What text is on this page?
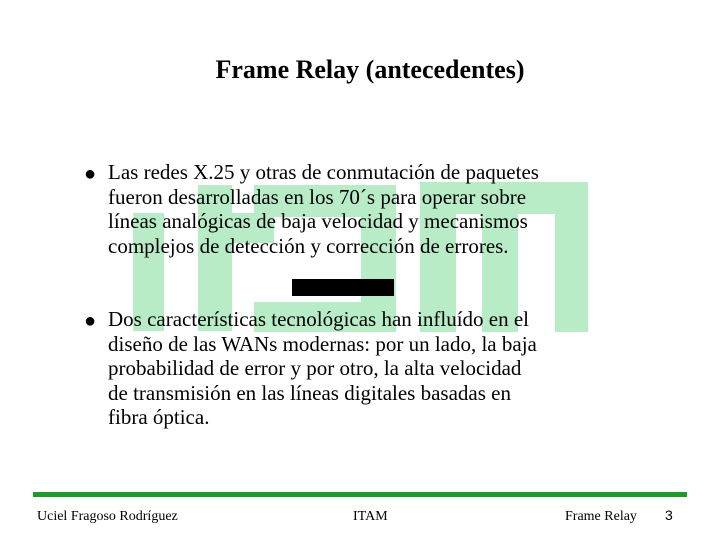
Frame Relay (antecedentes)
● Las redes X.25 y otras de conmutación de paquetes
fueron desarrolladas en los 70´s para operar sobre
líneas analógicas de baja velocidad y mecanismos
complejos de detección y corrección de errores.
● Dos características tecnológicas han influído en el
diseño de las WANs modernas: por un lado, la baja
probabilidad de error y por otro, la alta velocidad
de transmisión en las líneas digitales basadas en
fibra óptica.
Uciel Fragoso Rodríguez	ITAM	Frame Relay 3
